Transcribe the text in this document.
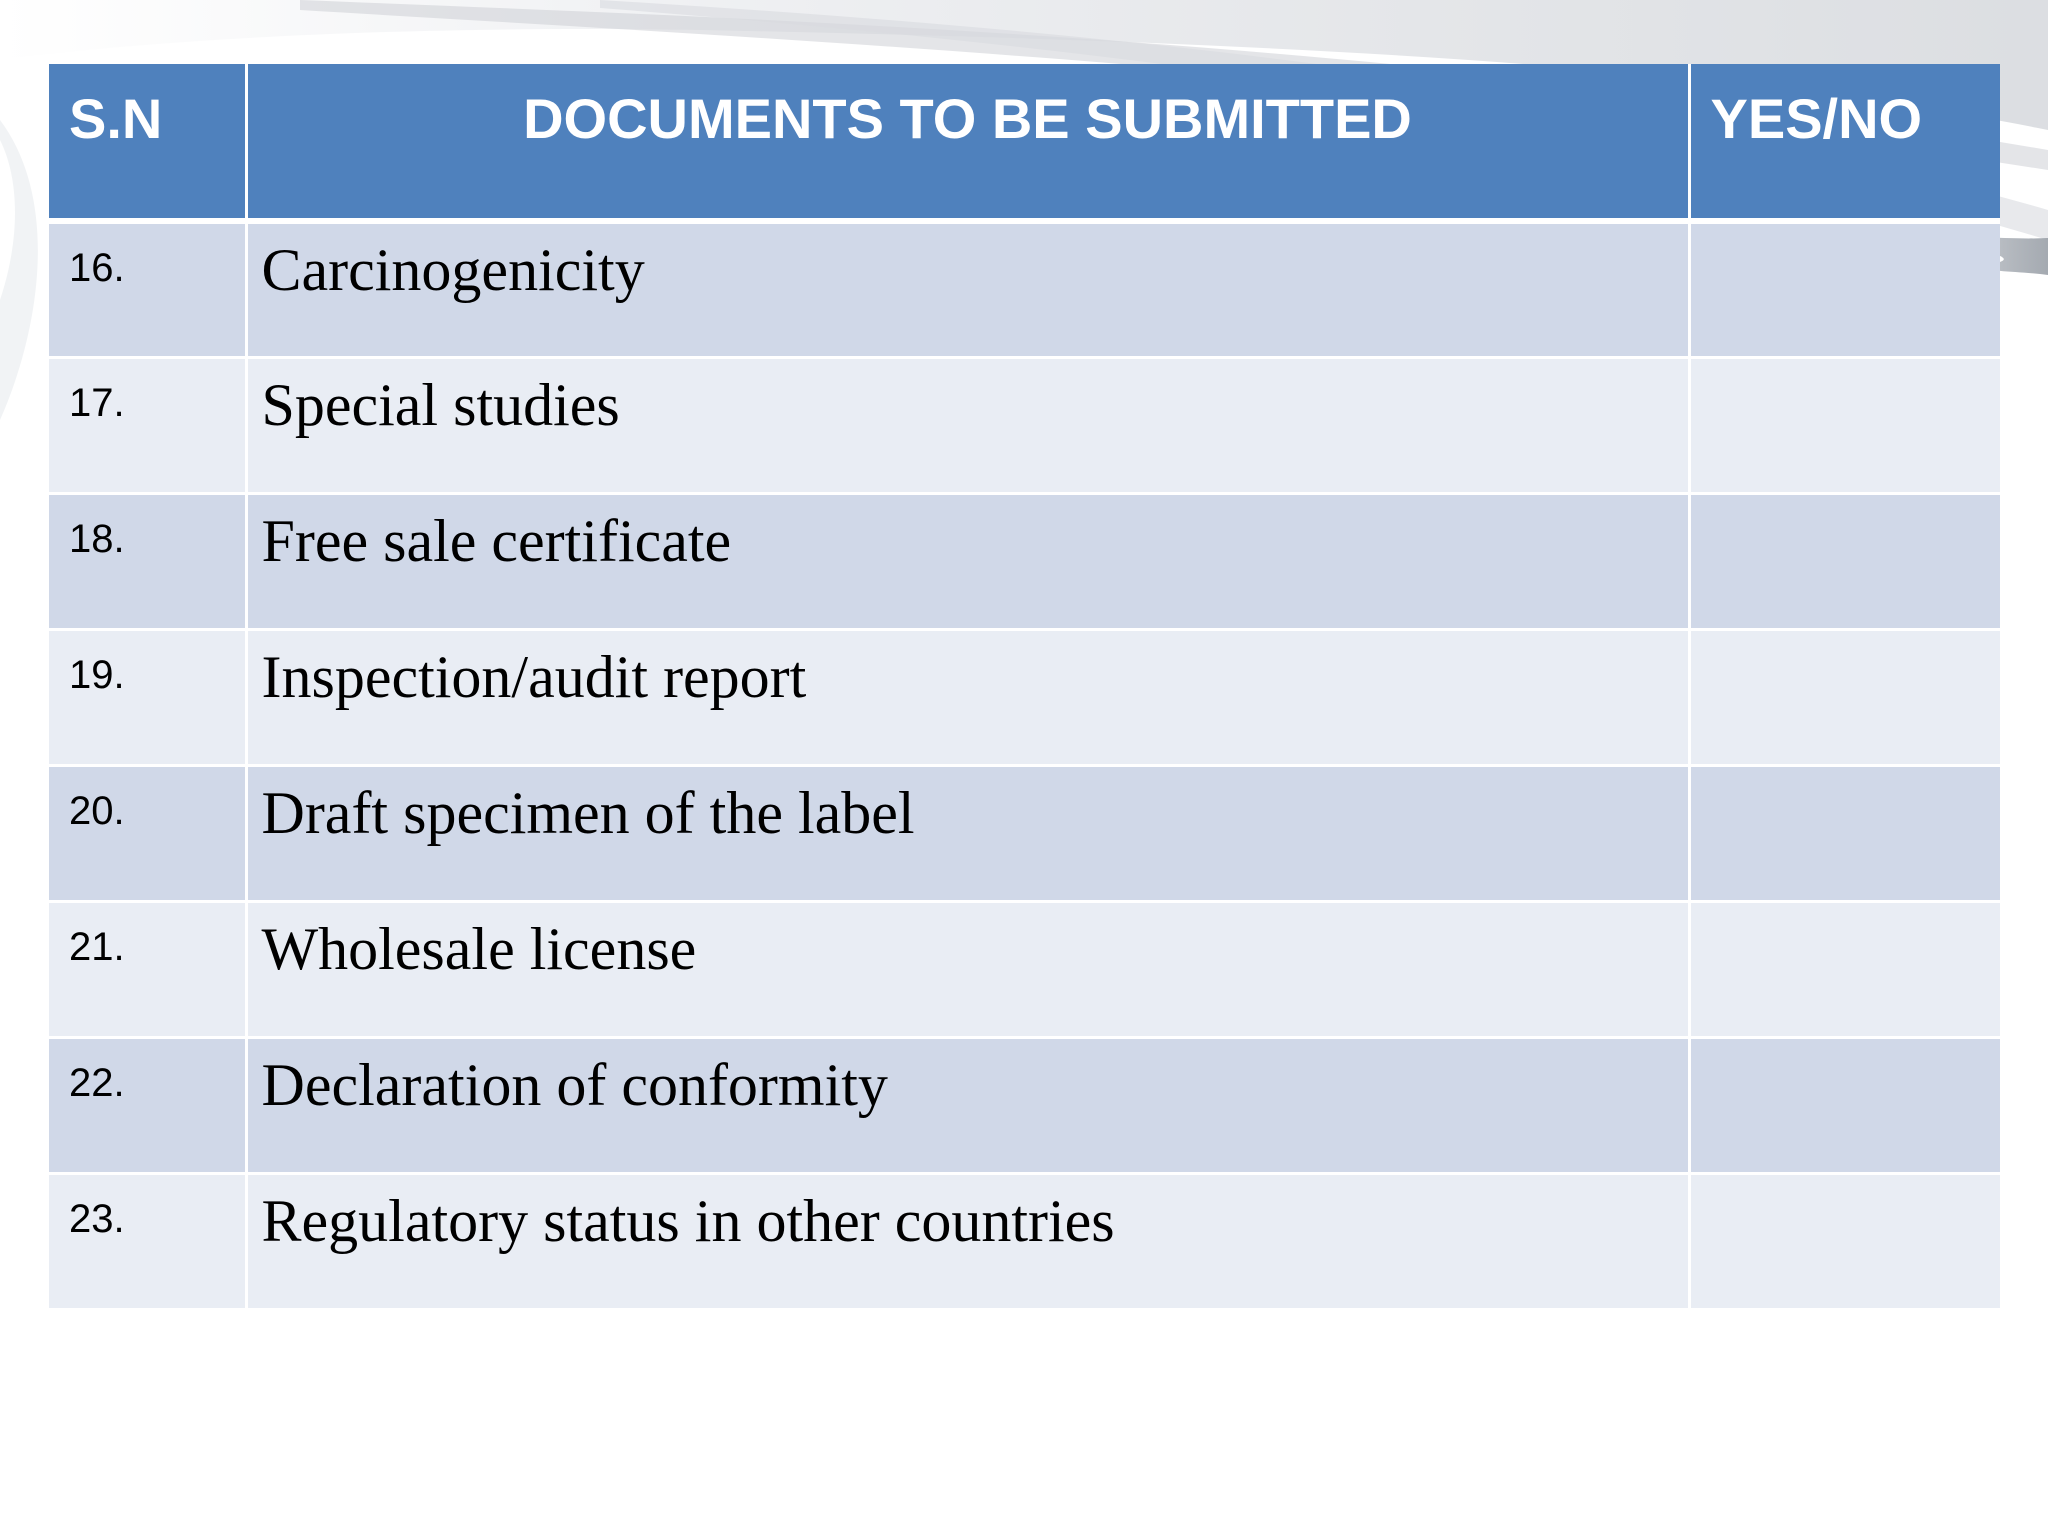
S.N	DOCUMENTS TO BE SUBMITTED	YES/NO
16.	Carcinogenicity	
17.	Special studies	
18.	Free sale certificate	
19.	Inspection/audit report	
20.	Draft specimen of the label	
21.	Wholesale license	
22.	Declaration of conformity	
23.	Regulatory status in other countries	
